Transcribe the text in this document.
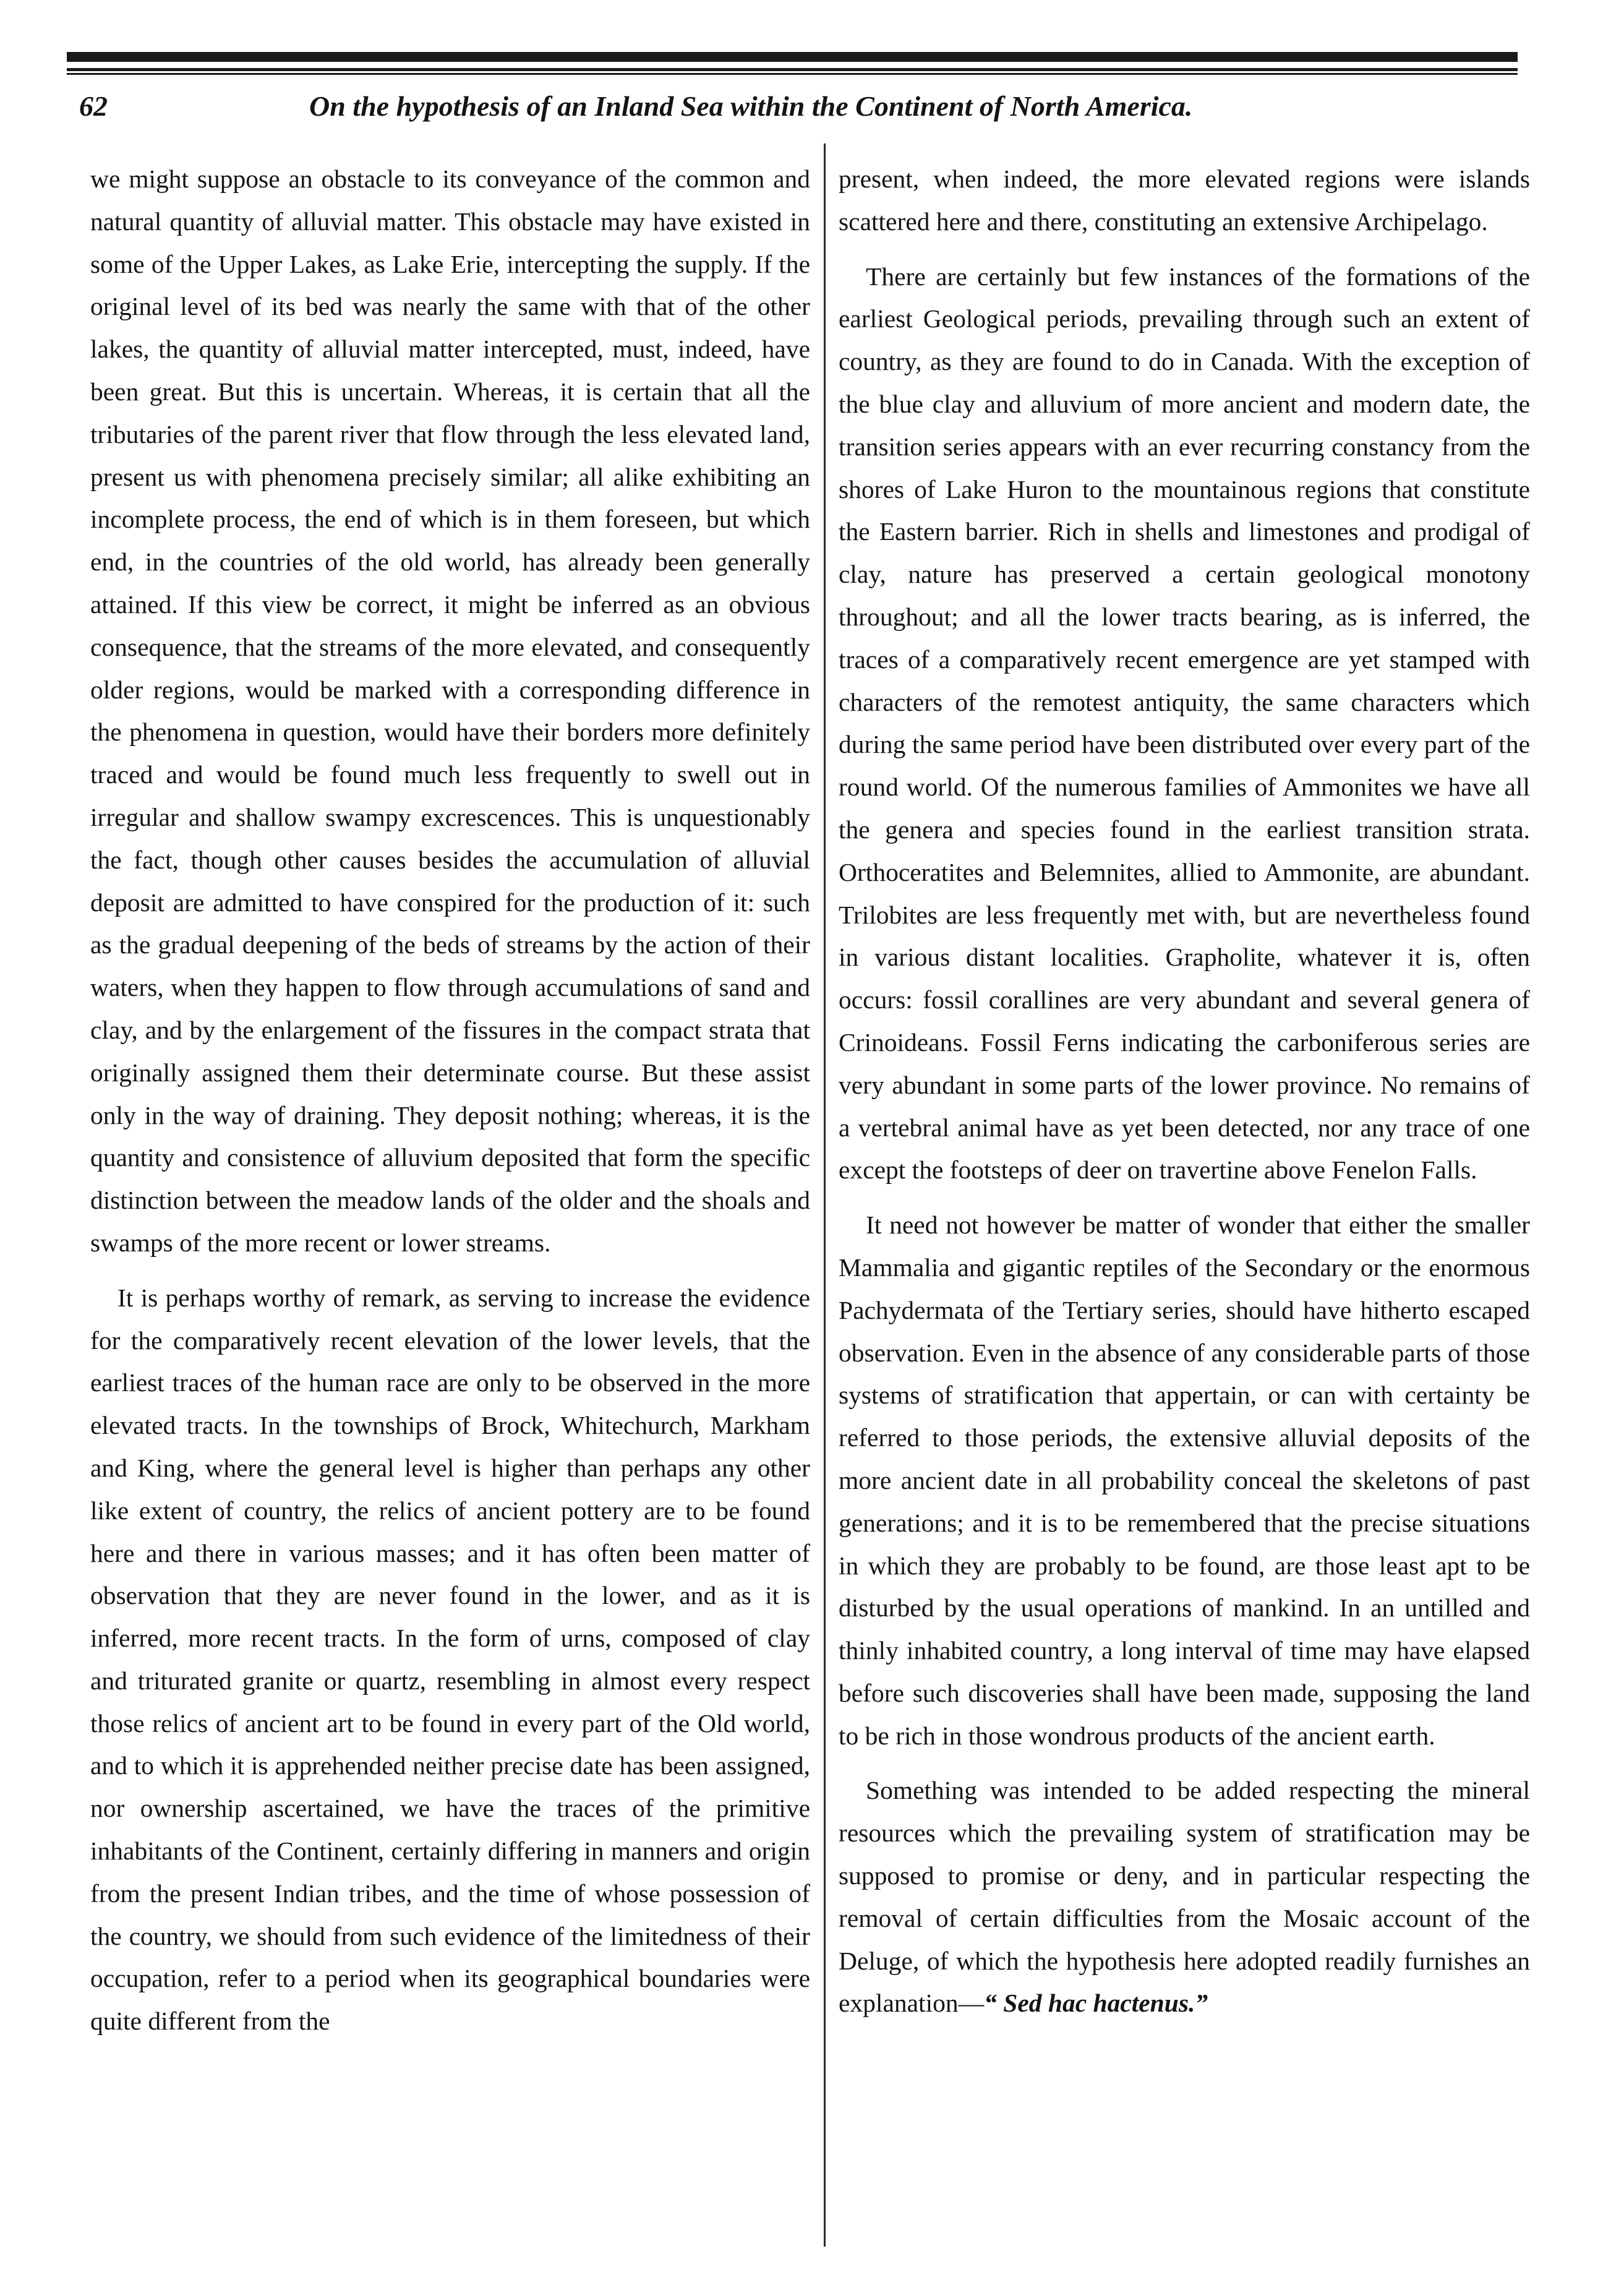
62	On the hypothesis of an Inland Sea within the Continent of North America.

we might suppose an obstacle to its conveyance of the common and natural quantity of alluvial matter. This obstacle may have existed in some of the Upper Lakes, as Lake Erie, intercepting the supply. If the original level of its bed was nearly the same with that of the other lakes, the quantity of alluvial matter intercepted, must, indeed, have been great. But this is uncertain. Whereas, it is certain that all the tributaries of the parent river that flow through the less elevated land, present us with phenomena precisely similar; all alike exhibiting an incomplete process, the end of which is in them foreseen, but which end, in the countries of the old world, has already been generally attained. If this view be correct, it might be inferred as an obvious consequence, that the streams of the more elevated, and consequently older regions, would be marked with a corresponding difference in the phenomena in question, would have their borders more definitely traced and would be found much less frequently to swell out in irregular and shallow swampy excrescences. This is unquestionably the fact, though other causes besides the accumulation of alluvial deposit are admitted to have conspired for the production of it: such as the gradual deepening of the beds of streams by the action of their waters, when they happen to flow through accumulations of sand and clay, and by the enlargement of the fissures in the compact strata that originally assigned them their determinate course. But these assist only in the way of draining. They deposit nothing; whereas, it is the quantity and consistence of alluvium deposited that form the specific distinction between the meadow lands of the older and the shoals and swamps of the more recent or lower streams.

It is perhaps worthy of remark, as serving to increase the evidence for the comparatively recent elevation of the lower levels, that the earliest traces of the human race are only to be observed in the more elevated tracts. In the townships of Brock, Whitechurch, Markham and King, where the general level is higher than perhaps any other like extent of country, the relics of ancient pottery are to be found here and there in various masses; and it has often been matter of observation that they are never found in the lower, and as it is inferred, more recent tracts. In the form of urns, composed of clay and triturated granite or quartz, resembling in almost every respect those relics of ancient art to be found in every part of the Old world, and to which it is apprehended neither precise date has been assigned, nor ownership ascertained, we have the traces of the primitive inhabitants of the Continent, certainly differing in manners and origin from the present Indian tribes, and the time of whose possession of the country, we should from such evidence of the limitedness of their occupation, refer to a period when its geographical boundaries were quite different from the

present, when indeed, the more elevated regions were islands scattered here and there, constituting an extensive Archipelago.

There are certainly but few instances of the formations of the earliest Geological periods, prevailing through such an extent of country, as they are found to do in Canada. With the exception of the blue clay and alluvium of more ancient and modern date, the transition series appears with an ever recurring constancy from the shores of Lake Huron to the mountainous regions that constitute the Eastern barrier. Rich in shells and limestones and prodigal of clay, nature has preserved a certain geological monotony throughout; and all the lower tracts bearing, as is inferred, the traces of a comparatively recent emergence are yet stamped with characters of the remotest antiquity, the same characters which during the same period have been distributed over every part of the round world. Of the numerous families of Ammonites we have all the genera and species found in the earliest transition strata. Orthoceratites and Belemnites, allied to Ammonite, are abundant. Trilobites are less frequently met with, but are nevertheless found in various distant localities. Grapholite, whatever it is, often occurs: fossil corallines are very abundant and several genera of Crinoideans. Fossil Ferns indicating the carboniferous series are very abundant in some parts of the lower province. No remains of a vertebral animal have as yet been detected, nor any trace of one except the footsteps of deer on travertine above Fenelon Falls.

It need not however be matter of wonder that either the smaller Mammalia and gigantic reptiles of the Secondary or the enormous Pachydermata of the Tertiary series, should have hitherto escaped observation. Even in the absence of any considerable parts of those systems of stratification that appertain, or can with certainty be referred to those periods, the extensive alluvial deposits of the more ancient date in all probability conceal the skeletons of past generations; and it is to be remembered that the precise situations in which they are probably to be found, are those least apt to be disturbed by the usual operations of mankind. In an untilled and thinly inhabited country, a long interval of time may have elapsed before such discoveries shall have been made, supposing the land to be rich in those wondrous products of the ancient earth.

Something was intended to be added respecting the mineral resources which the prevailing system of stratification may be supposed to promise or deny, and in particular respecting the removal of certain difficulties from the Mosaic account of the Deluge, of which the hypothesis here adopted readily furnishes an explanation—“ Sed hac hactenus.”
